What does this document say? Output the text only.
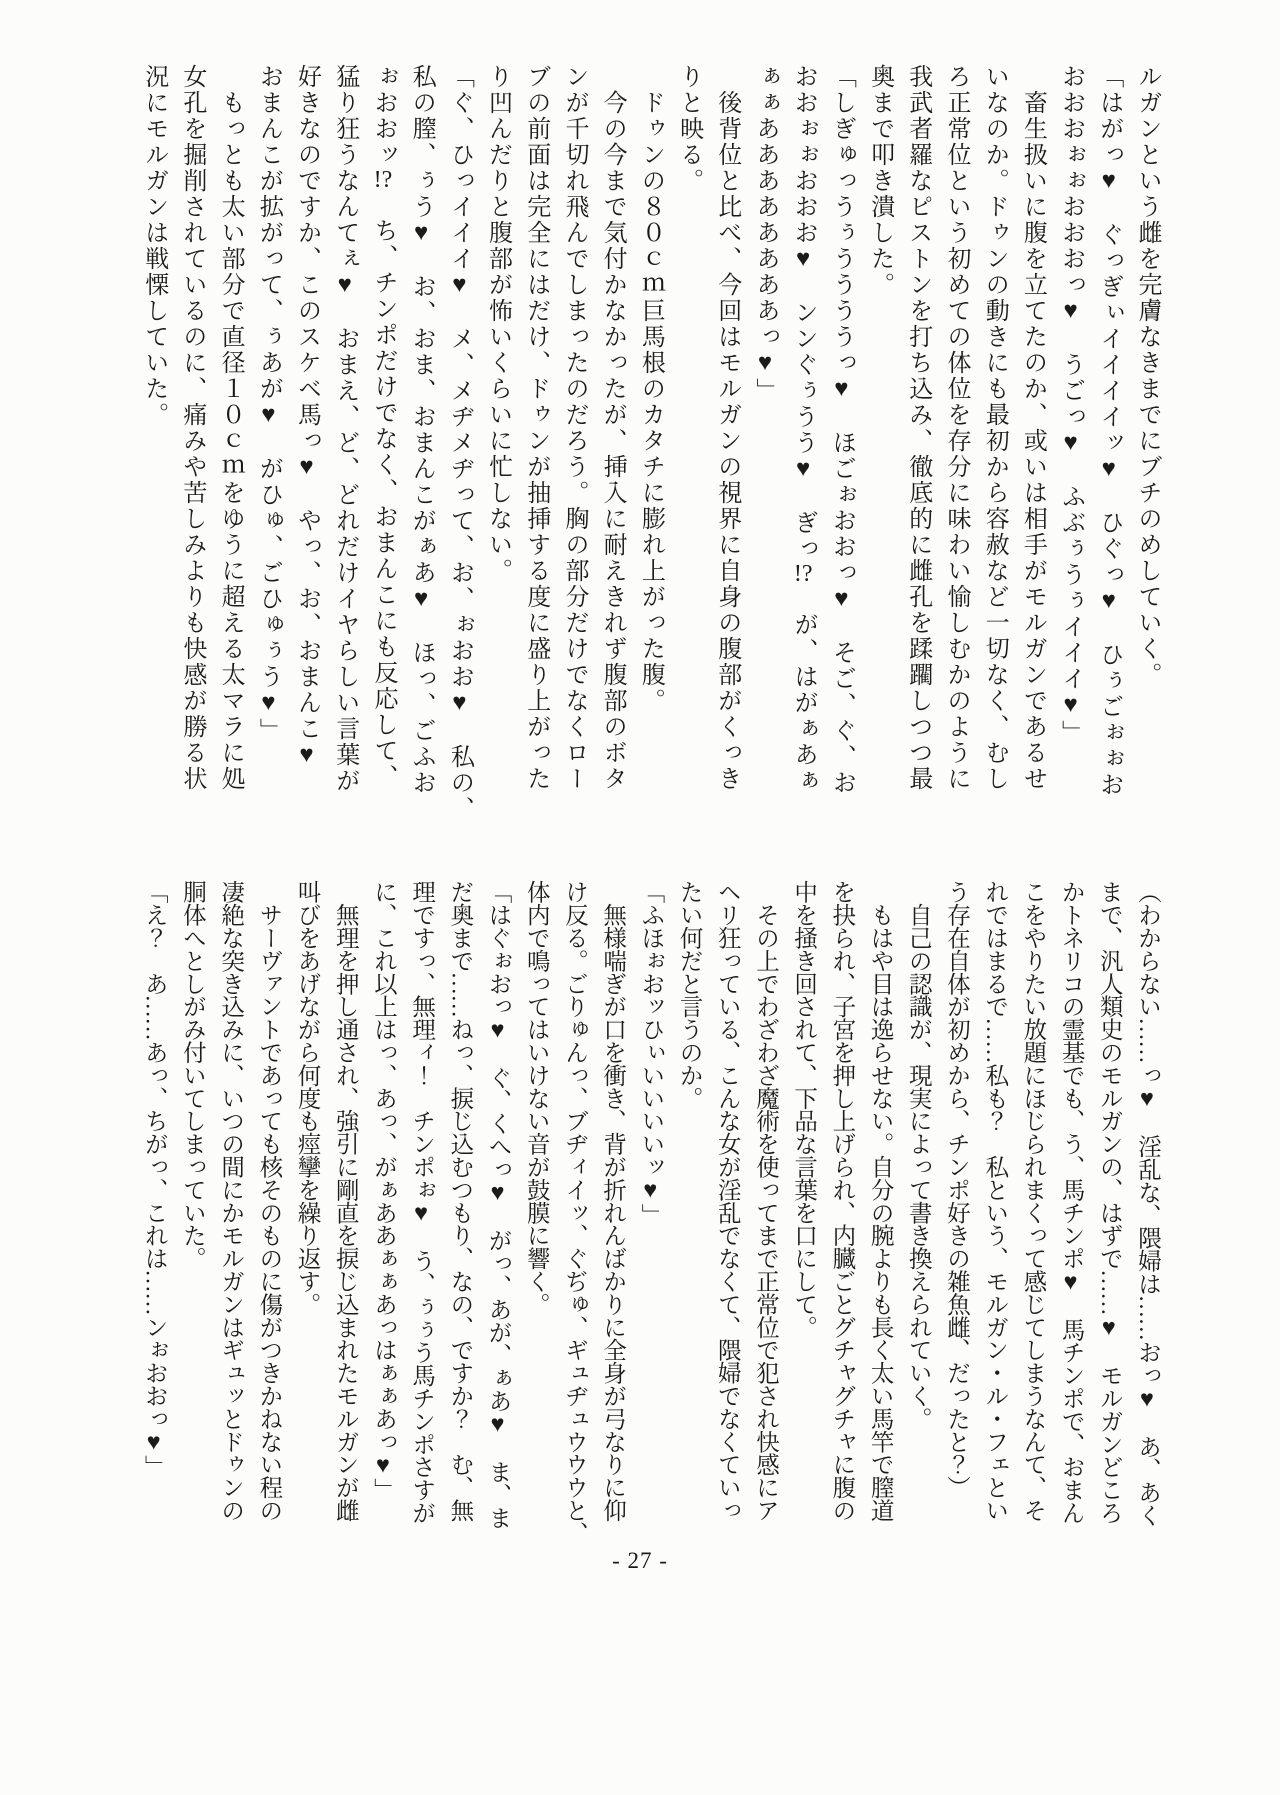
ルガンという雌を完膚なきまでにブチのめしていく。

「はがっ♥　ぐっぎぃイイイイッ♥　ひぐっ♥　ひぅごぉぉお

おおおぉぉおおおっ♥　うごっ♥　ふぶぅうぅイイイ♥」

　畜生扱いに腹を立てたのか、或いは相手がモルガンであるせ

いなのか。ドゥンの動きにも最初から容赦など一切なく、むし

ろ正常位という初めての体位を存分に味わい愉しむかのように

我武者羅なピストンを打ち込み、徹底的に雌孔を蹂躙しつつ最

奥まで叩き潰した。

「しぎゅっうぅううううっ♥　ほごぉおおっ♥　そご、ぐ、お

おおぉぉおおお♥　ンンぐぅうう♥　ぎっ!?　が、はがぁあぁ

ぁぁああああああああっ♥」

　後背位と比べ、今回はモルガンの視界に自身の腹部がくっき

りと映る。

　ドゥンの８０ｃｍ巨馬根のカタチに膨れ上がった腹。

　今の今まで気付かなかったが、挿入に耐えきれず腹部のボタ

ンが千切れ飛んでしまったのだろう。胸の部分だけでなくロー

ブの前面は完全にはだけ、ドゥンが抽挿する度に盛り上がった

り凹んだりと腹部が怖いくらいに忙しない。

「ぐ、ひっイイイ♥　メ、メヂメヂって、お、ぉおお♥　私の、

私の膣、ぅう♥　お、おま、おまんこがぁあ♥　ほっ、ごふお

ぉおおッ!?　ち、チンポだけでなく、おまんこにも反応して、

猛り狂うなんてぇ♥　おまえ、ど、どれだけイヤらしい言葉が

好きなのですか、このスケベ馬っ♥　やっ、お、おまんこ♥

おまんこが拡がって、ぅあが♥　がひゅ、ごひゅぅう♥」

　もっとも太い部分で直径１０ｃｍをゆうに超える太マラに処

女孔を掘削されているのに、痛みや苦しみよりも快感が勝る状

況にモルガンは戦慄していた。

（わからない……っ♥　淫乱な、隈婦は……おっ♥　あ、あく

まで、汎人類史のモルガンの、はずで……♥　モルガンどころ

かトネリコの霊基でも、う、馬チンポ♥　馬チンポで、おまん

こをやりたい放題にほじられまくって感じてしまうなんて、そ

れではまるで……私も？　私という、モルガン・ル・フェとい

う存在自体が初めから、チンポ好きの雑魚雌、だったと？）

　自己の認識が、現実によって書き換えられていく。

　もはや目は逸らせない。自分の腕よりも長く太い馬竿で膣道

を抉られ、子宮を押し上げられ、内臓ごとグチャグチャに腹の

中を掻き回されて、下品な言葉を口にして。

　その上でわざわざ魔術を使ってまで正常位で犯され快感にア

ヘリ狂っている、こんな女が淫乱でなくて、隈婦でなくていっ

たい何だと言うのか。

「ふほぉおッひぃいいいいッ♥」

　無様喘ぎが口を衝き、背が折れんばかりに全身が弓なりに仰

け反る。ごりゅんっ、ブヂィイッ、ぐぢゅ、ギュヂュウウウと、

体内で鳴ってはいけない音が鼓膜に響く。

「はぐぉおっ♥　ぐ、くへっ♥　がっ、あが、ぁあ♥　ま、ま

だ奥まで……ねっ、捩じ込むつもり、なの、ですか？　む、無

理ですっ、無理ィ！　チンポぉ♥　う、ぅぅう馬チンポさすが

に、これ以上はっ、あっ、がぁああぁぁあっはぁぁあっ♥」

　無理を押し通され、強引に剛直を捩じ込まれたモルガンが雌

叫びをあげながら何度も痙攣を繰り返す。

　サーヴァントであっても核そのものに傷がつきかねない程の

凄絶な突き込みに、いつの間にかモルガンはギュッとドゥンの

胴体へとしがみ付いてしまっていた。

「え？　あ……あっ、ちがっ、これは……ンぉおおっ♥」

- 27 -
